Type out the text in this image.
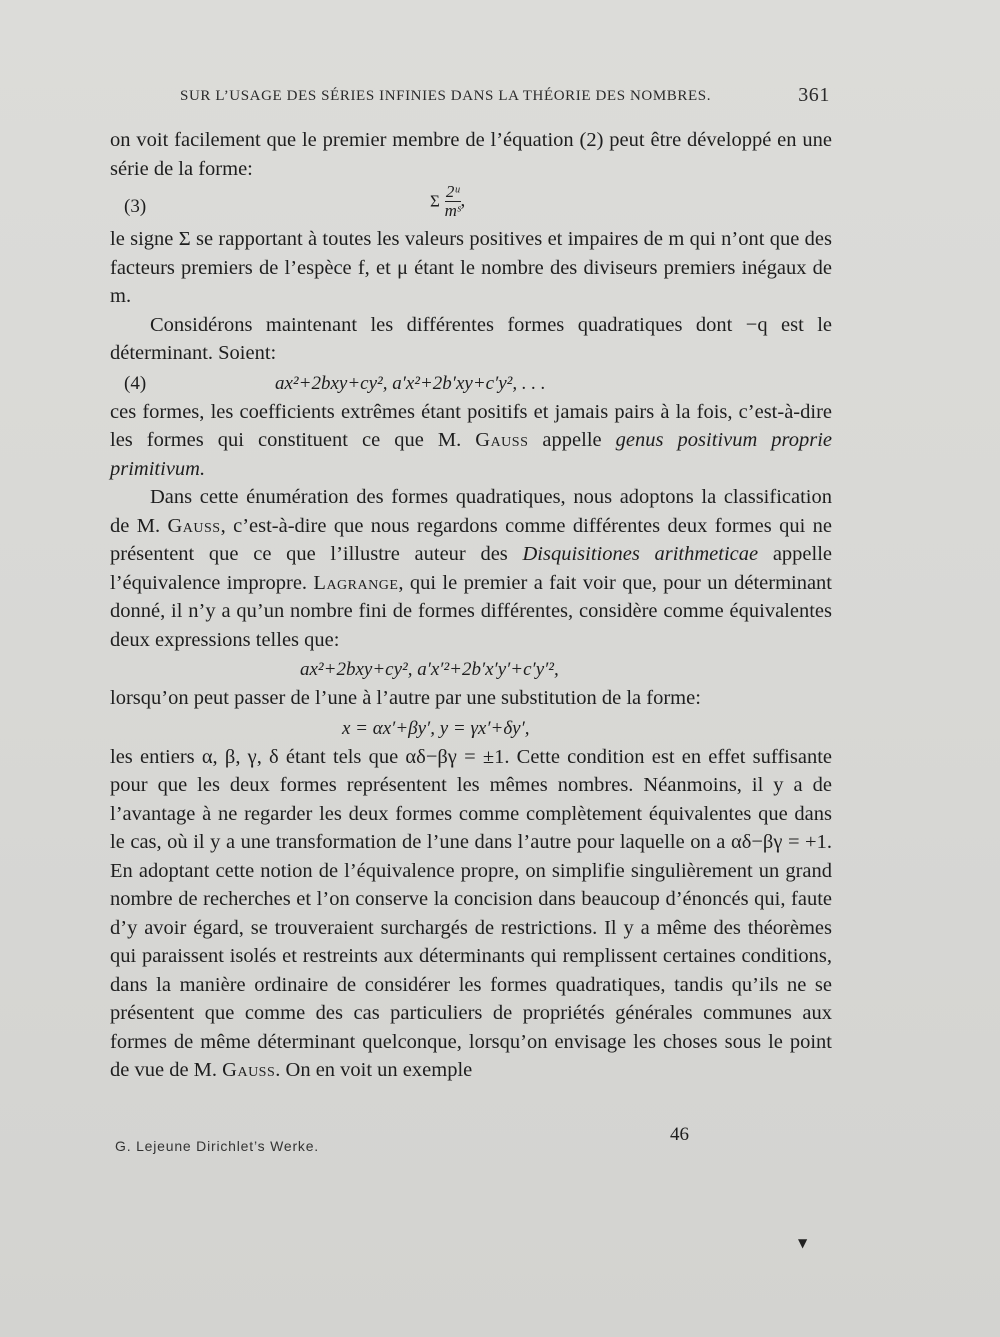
SUR L’USAGE DES SÉRIES INFINIES DANS LA THÉORIE DES NOMBRES.	361

on voit facilement que le premier membre de l’équation (2) peut être développé en une série de la forme:

(3)	Σ $\frac{\text{2ᵘ}}{\text{mˢ}}$ ,

le signe Σ se rapportant à toutes les valeurs positives et impaires de m qui n’ont que des facteurs premiers de l’espèce f, et μ étant le nombre des diviseurs premiers inégaux de m.

Considérons maintenant les différentes formes quadratiques dont −q est le déterminant. Soient:

(4)	ax²+2bxy+cy², a′x²+2b′xy+c′y², . . .

ces formes, les coefficients extrêmes étant positifs et jamais pairs à la fois, c’est-à-dire les formes qui constituent ce que M. Gauss appelle genus positivum proprie primitivum.

Dans cette énumération des formes quadratiques, nous adoptons la classification de M. Gauss, c’est-à-dire que nous regardons comme différentes deux formes qui ne présentent que ce que l’illustre auteur des Disquisitiones arithmeticae appelle l’équivalence impropre. Lagrange, qui le premier a fait voir que, pour un déterminant donné, il n’y a qu’un nombre fini de formes différentes, considère comme équivalentes deux expressions telles que:

ax²+2bxy+cy², a′x′²+2b′x′y′+c′y′²,

lorsqu’on peut passer de l’une à l’autre par une substitution de la forme:

x = αx′+βy′, y = γx′+δy′,

les entiers α, β, γ, δ étant tels que αδ−βγ = ±1. Cette condition est en effet suffisante pour que les deux formes représentent les mêmes nombres. Néanmoins, il y a de l’avantage à ne regarder les deux formes comme complètement équivalentes que dans le cas, où il y a une transformation de l’une dans l’autre pour laquelle on a αδ−βγ = +1. En adoptant cette notion de l’équivalence propre, on simplifie singulièrement un grand nombre de recherches et l’on conserve la concision dans beaucoup d’énoncés qui, faute d’y avoir égard, se trouveraient surchargés de restrictions. Il y a même des théorèmes qui paraissent isolés et restreints aux déterminants qui remplissent certaines conditions, dans la manière ordinaire de considérer les formes quadratiques, tandis qu’ils ne se présentent que comme des cas particuliers de propriétés générales communes aux formes de même déterminant quelconque, lorsqu’on envisage les choses sous le point de vue de M. Gauss. On en voit un exemple

G. Lejeune Dirichlet’s Werke.
46
▼
